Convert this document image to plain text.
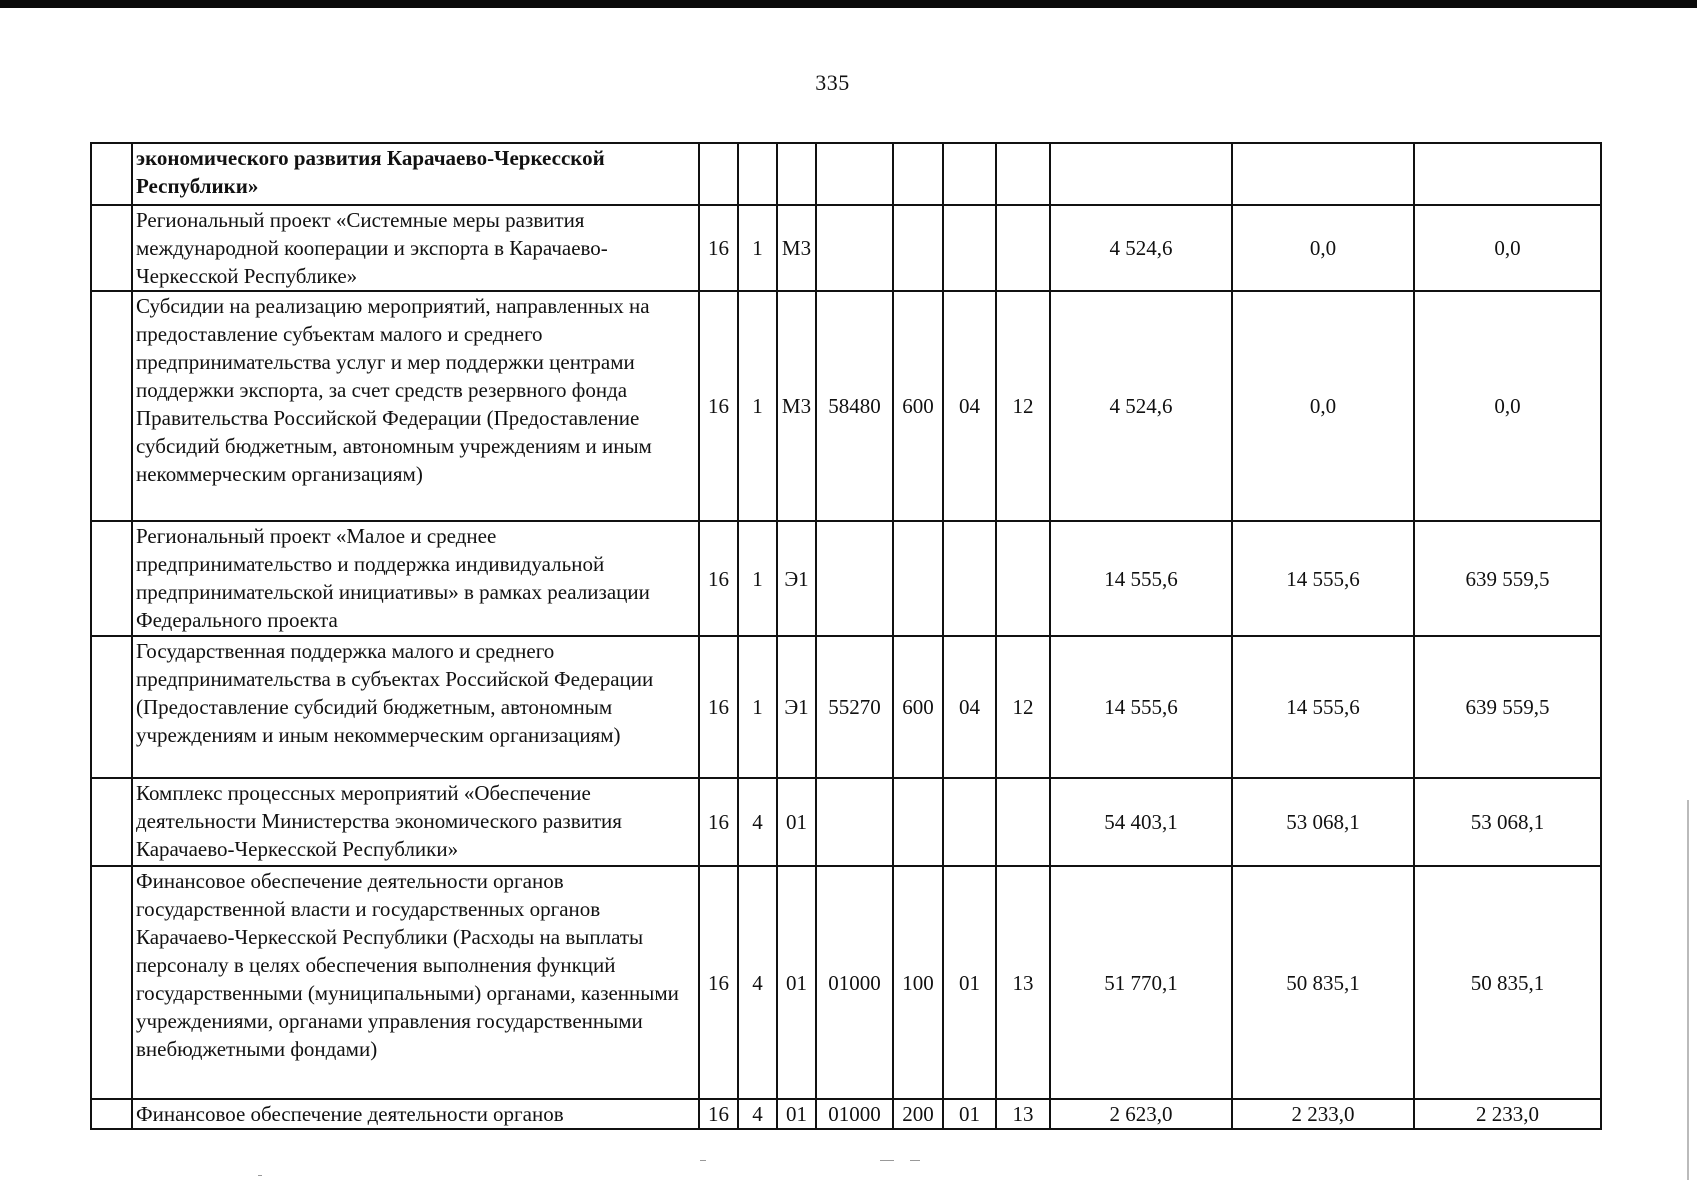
335
	экономического развития Карачаево-Черкесской Республики»										
	Региональный проект «Системные меры развития международной кооперации и экспорта в Карачаево-Черкесской Республике»	16	1	М3					4 524,6	0,0	0,0
	Субсидии на реализацию мероприятий, направленных на предоставление субъектам малого и среднего предпринимательства услуг и мер поддержки центрами поддержки экспорта, за счет средств резервного фонда Правительства Российской Федерации (Предоставление субсидий бюджетным, автономным учреждениям и иным некоммерческим организациям)	16	1	М3	58480	600	04	12	4 524,6	0,0	0,0
	Региональный проект «Малое и среднее предпринимательство и поддержка индивидуальной предпринимательской инициативы» в рамках реализации Федерального проекта	16	1	Э1					14 555,6	14 555,6	639 559,5
	Государственная поддержка малого и среднего предпринимательства в субъектах Российской Федерации (Предоставление субсидий бюджетным, автономным учреждениям и иным некоммерческим организациям)	16	1	Э1	55270	600	04	12	14 555,6	14 555,6	639 559,5
	Комплекс процессных мероприятий «Обеспечение деятельности Министерства экономического развития Карачаево-Черкесской Республики»	16	4	01					54 403,1	53 068,1	53 068,1
	Финансовое обеспечение деятельности органов государственной власти и государственных органов Карачаево-Черкесской Республики (Расходы на выплаты персоналу в целях обеспечения выполнения функций государственными (муниципальными) органами, казенными учреждениями, органами управления государственными внебюджетными фондами)	16	4	01	01000	100	01	13	51 770,1	50 835,1	50 835,1
	Финансовое обеспечение деятельности органов	16	4	01	01000	200	01	13	2 623,0	2 233,0	2 233,0
